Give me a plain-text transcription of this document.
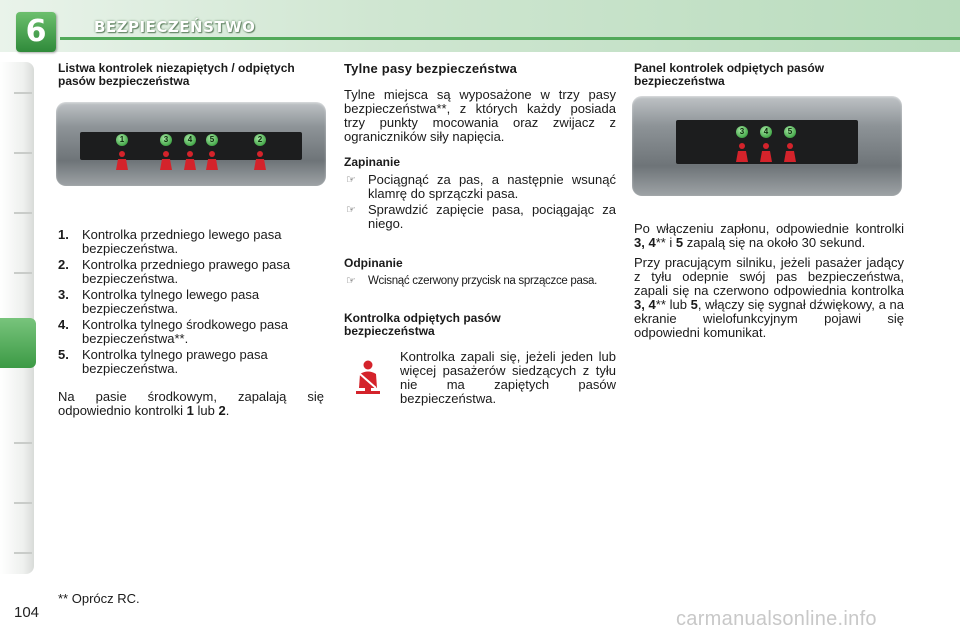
6	BEZPIECZEŃSTWO
Listwa kontrolek niezapiętych / odpiętych pasów bezpieczeństwa
1	3	4	5	2
1. Kontrolka przedniego lewego pasa bezpieczeństwa.
2. Kontrolka przedniego prawego pasa bezpieczeństwa.
3. Kontrolka tylnego lewego pasa bezpieczeństwa.
4. Kontrolka tylnego środkowego pasa bezpieczeństwa**.
5. Kontrolka tylnego prawego pasa bezpieczeństwa.

Na pasie środkowym, zapalają się odpowiednio kontrolki 1 lub 2.

** Oprócz RC.
Tylne pasy bezpieczeństwa

Tylne miejsca są wyposażone w trzy pasy bezpieczeństwa**, z których każdy posiada trzy punkty mocowania oraz zwijacz z ograniczników siły napięcia.

Zapinanie
☞ Pociągnąć za pas, a następnie wsunąć klamrę do sprzączki pasa.

☞ Sprawdzić zapięcie pasa, pociągając za niego.

Odpinanie
☞ Wcisnąć czerwony przycisk na sprzączce pasa.

Kontrolka odpiętych pasów bezpieczeństwa

Kontrolka zapali się, jeżeli jeden lub więcej pasażerów siedzących z tyłu nie ma zapiętych pasów bezpieczeństwa.

Panel kontrolek odpiętych pasów bezpieczeństwa
3	4	5

Po włączeniu zapłonu, odpowiednie kontrolki 3, 4** i 5 zapalą się na około 30 sekund.

Przy pracującym silniku, jeżeli pasażer jadący z tyłu odepnie swój pas bezpieczeństwa, zapali się na czerwono odpowiednia kontrolka 3, 4** lub 5, włączy się sygnał dźwiękowy, a na ekranie wielofunkcyjnym pojawi się odpowiedni komunikat.

104	carmanualsonline.info
